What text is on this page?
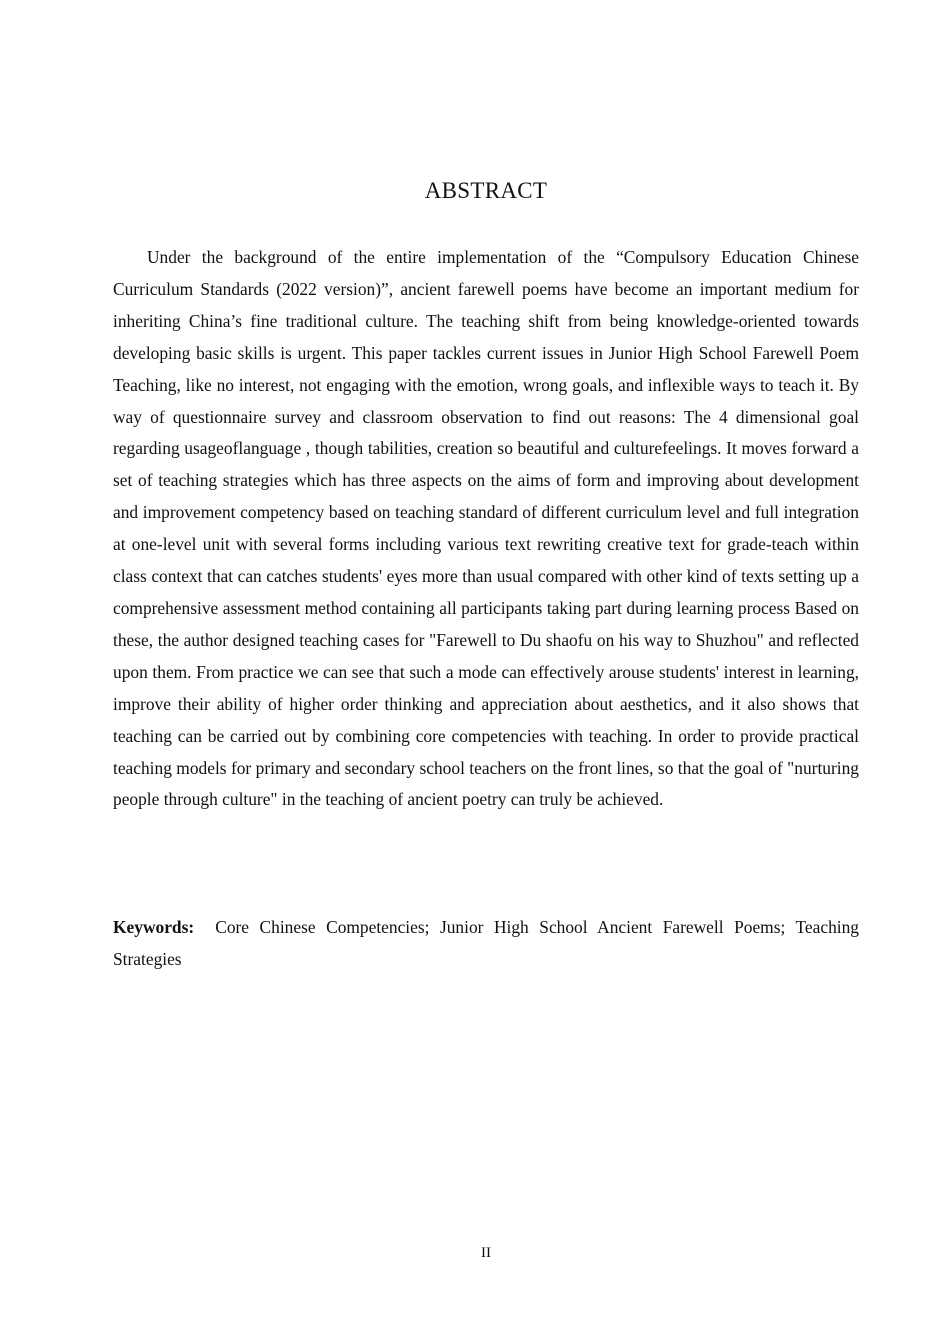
ABSTRACT

Under the background of the entire implementation of the “Compulsory Education Chinese Curriculum Standards (2022 version)”, ancient farewell poems have become an important medium for inheriting China’s fine traditional culture. The teaching shift from being knowledge-oriented towards developing basic skills is urgent. This paper tackles current issues in Junior High School Farewell Poem Teaching, like no interest, not engaging with the emotion, wrong goals, and inflexible ways to teach it. By way of questionnaire survey and classroom observation to find out reasons: The 4 dimensional goal regarding usageoflanguage , though tabilities, creation so beautiful and culturefeelings. It moves forward a set of teaching strategies which has three aspects on the aims of form and improving about development and improvement competency based on teaching standard of different curriculum level and full integration at one-level unit with several forms including various text rewriting creative text for grade-teach within class context that can catches students' eyes more than usual compared with other kind of texts setting up a comprehensive assessment method containing all participants taking part during learning process Based on these, the author designed teaching cases for "Farewell to Du shaofu on his way to Shuzhou" and reflected upon them. From practice we can see that such a mode can effectively arouse students' interest in learning, improve their ability of higher order thinking and appreciation about aesthetics, and it also shows that teaching can be carried out by combining core competencies with teaching. In order to provide practical teaching models for primary and secondary school teachers on the front lines, so that the goal of "nurturing people through culture" in the teaching of ancient poetry can truly be achieved.

Keywords: Core Chinese Competencies; Junior High School Ancient Farewell Poems; Teaching Strategies

II
